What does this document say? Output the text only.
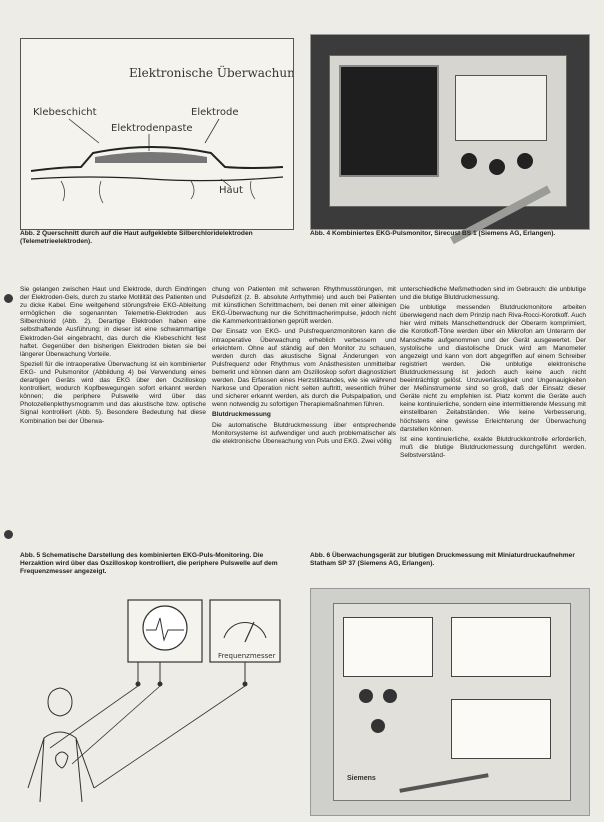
Elektronische Überwachung
Klebeschicht	Elektrode
Elektrodenpaste
Haut
Abb. 2 Querschnitt durch auf die Haut aufgeklebte Silberchloridelektroden (Telemetrieelektroden).
Abb. 4 Kombiniertes EKG-Pulsmonitor, Sirecust BS 1 (Siemens AG, Erlangen).

Sie gelangen zwischen Haut und Elektrode, durch Eindringen der Elektroden-Gels, durch zu starke Motilität des Patienten und zu dicke Kabel. Eine weitgehend störungsfreie EKG-Ableitung ermöglichen die sogenannten Telemetrie-Elektroden aus Silberchlorid (Abb. 2). Derartige Elektroden haben eine selbsthaftende Ausführung; in dieser ist eine schwammartige Elektroden-Gel eingebracht, das durch die Klebeschicht fest haftet. Gegenüber den bisherigen Elektroden bieten sie bei längerer Überwachung Vorteile.

Speziell für die intraoperative Überwachung ist ein kombinierter EKG- und Pulsmonitor (Abbildung 4) bei Verwendung eines derartigen Geräts wird das EKG über den Oszilloskop kontrolliert, wodurch Kopfbewegungen sofort erkannt werden können; die periphere Pulswelle wird über das Photozellenplethysmogramm und das akustische bzw. optische Signal kontrolliert (Abb. 5). Besondere Bedeutung hat diese Kombination bei der Überwa-

chung von Patienten mit schweren Rhythmusstörungen, mit Pulsdefizit (z. B. absolute Arrhythmie) und auch bei Patienten mit künstlichen Schrittmachern, bei denen mit einer alleinigen EKG-Überwachung nur die Schrittmacherimpulse, jedoch nicht die Kammerkontraktionen geprüft werden.

Der Einsatz von EKG- und Pulsfrequenzmonitoren kann die intraoperative Überwachung erheblich verbessern und erleichtern. Ohne auf ständig auf den Monitor zu schauen, werden durch das akustische Signal Änderungen von Pulsfrequenz oder Rhythmus vom Anästhesisten unmittelbar bemerkt und können dann am Oszilloskop sofort diagnostiziert werden. Das Erfassen eines Herzstillstandes, wie sie während Narkose und Operation nicht selten auftritt, wesentlich früher und sicherer erkannt werden, als durch die Pulspalpation, und wenn notwendig zu sofortigen Therapiemaßnahmen führen.

Blutdruckmessung

Die automatische Blutdruckmessung über entsprechende Monitorsysteme ist aufwendiger und auch problematischer als die elektronische Überwachung von Puls und EKG. Zwei völlig

unterschiedliche Meßmethoden sind im Gebrauch: die unblutige und die blutige Blutdruckmessung.

Die unblutige messenden Blutdruckmonitore arbeiten überwiegend nach dem Prinzip nach Riva-Rocci-Korotkoff. Auch hier wird mittels Manschettendruck der Oberarm komprimiert, die Korotkoff-Töne werden über ein Mikrofon am Unterarm der Manschette aufgenommen und der Gerät ausgewertet. Der systolische und diastolische Druck wird am Manometer angezeigt und kann von dort abgegriffen auf einem Schreiber registriert werden. Die unblutige elektronische Blutdruckmessung ist jedoch auch keine auch nicht beeinträchtigt gelöst. Unzuverlässigkeit und Ungenauigkeiten der Meßinstrumente sind so groß, daß der Einsatz dieser Geräte nicht zu empfehlen ist. Platz kommt die Geräte auch keine kontinuierliche, sondern eine intermittierende Messung mit einstellbaren Zeitabständen. Wie keine Verbesserung, höchstens eine gewisse Erleichterung der Überwachung darstellen können.

Ist eine kontinuierliche, exakte Blutdruckkontrolle erforderlich, muß die blutige Blutdruckmessung durchgeführt werden. Selbstverständ-

Abb. 5 Schematische Darstellung des kombinierten EKG-Puls-Monitoring. Die Herzaktion wird über das Oszilloskop kontrolliert, die periphere Pulswelle auf dem Frequenzmesser angezeigt.
Frequenzmesser
Abb. 6 Überwachungsgerät zur blutigen Druckmessung mit Miniaturdruckaufnehmer Statham SP 37 (Siemens AG, Erlangen).
Siemens
